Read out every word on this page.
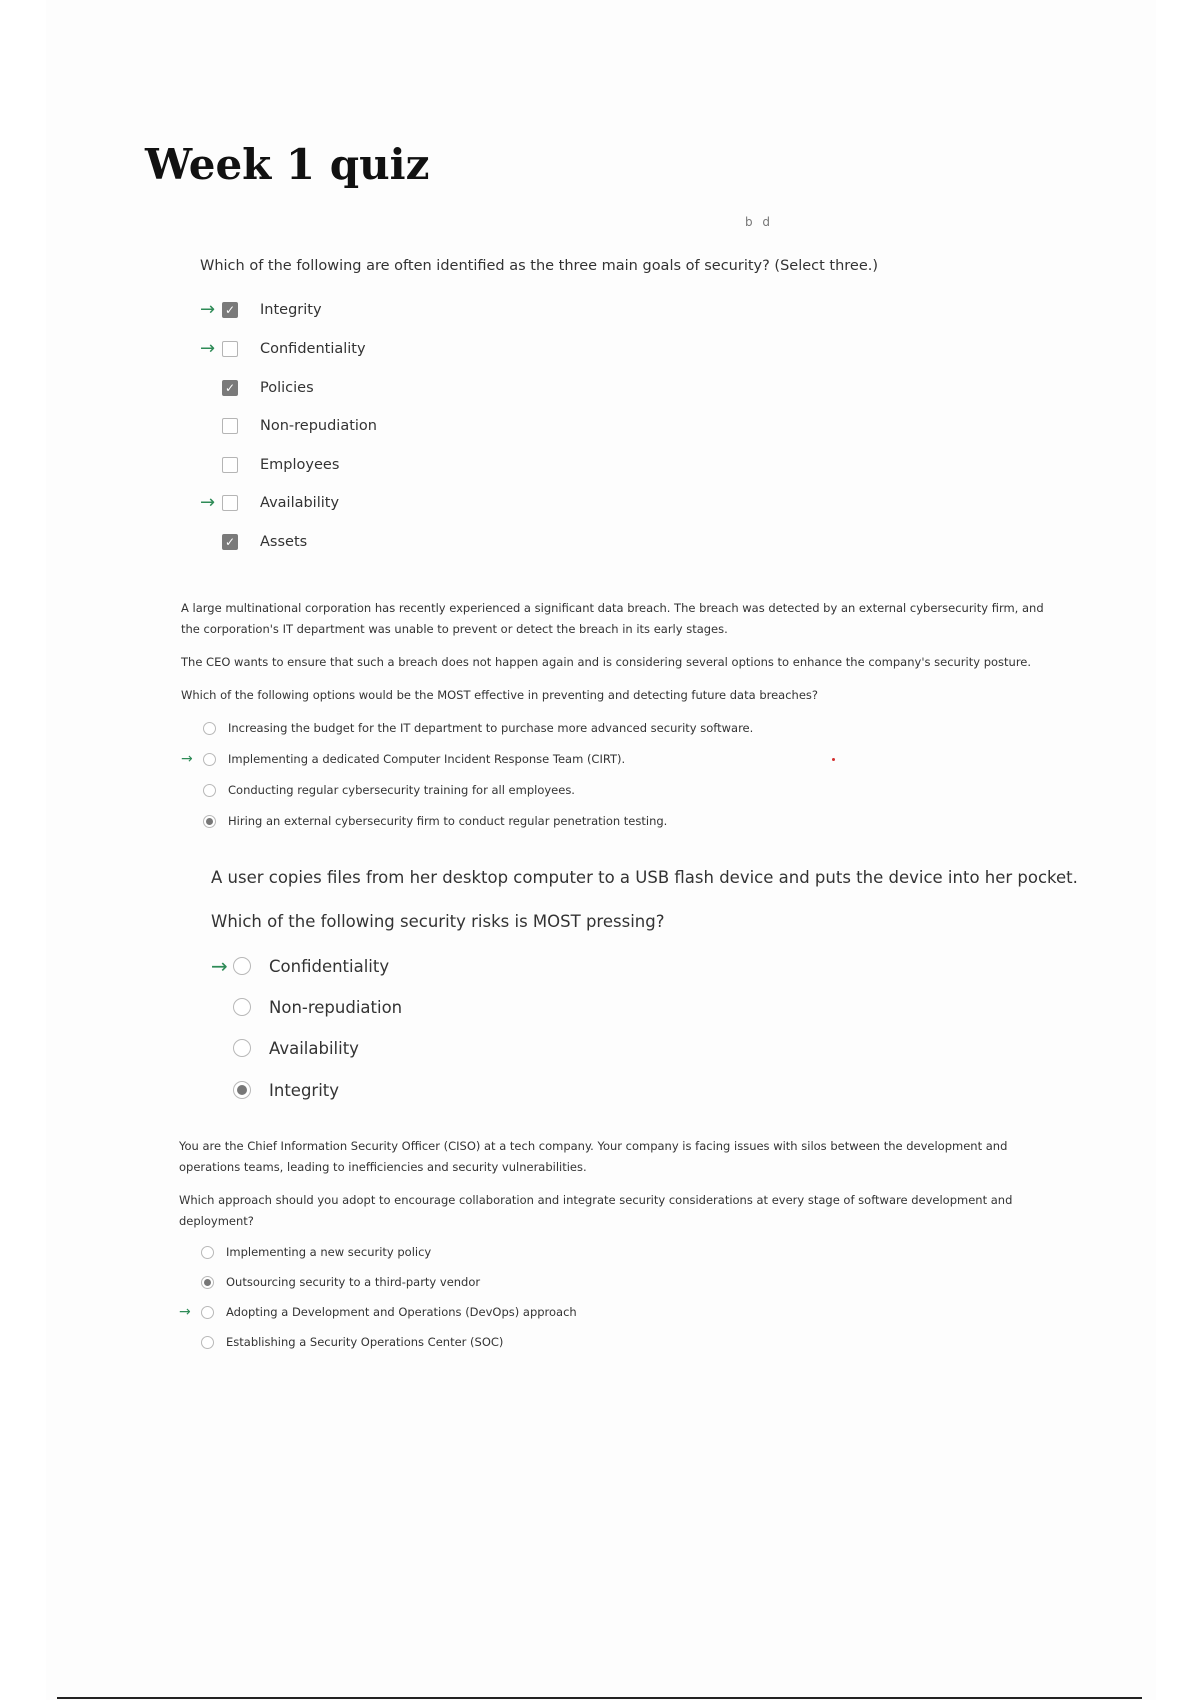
Week 1 quiz
b d

Which of the following are often identified as the three main goals of security? (Select three.)

→ ✓ Integrity
→	Confidentiality
✓ Policies
Non-repudiation
Employees
→	Availability
✓ Assets

A large multinational corporation has recently experienced a significant data breach. The breach was detected by an external cybersecurity firm, and the corporation's IT department was unable to prevent or detect the breach in its early stages.

The CEO wants to ensure that such a breach does not happen again and is considering several options to enhance the company's security posture.

Which of the following options would be the MOST effective in preventing and detecting future data breaches?

Increasing the budget for the IT department to purchase more advanced security software.
→	Implementing a dedicated Computer Incident Response Team (CIRT).
Conducting regular cybersecurity training for all employees.
Hiring an external cybersecurity firm to conduct regular penetration testing.

A user copies files from her desktop computer to a USB flash device and puts the device into her pocket.

Which of the following security risks is MOST pressing?

→	Confidentiality
Non-repudiation
Availability
Integrity

You are the Chief Information Security Officer (CISO) at a tech company. Your company is facing issues with silos between the development and operations teams, leading to inefficiencies and security vulnerabilities.

Which approach should you adopt to encourage collaboration and integrate security considerations at every stage of software development and deployment?

Implementing a new security policy
Outsourcing security to a third-party vendor
→	Adopting a Development and Operations (DevOps) approach
Establishing a Security Operations Center (SOC)
